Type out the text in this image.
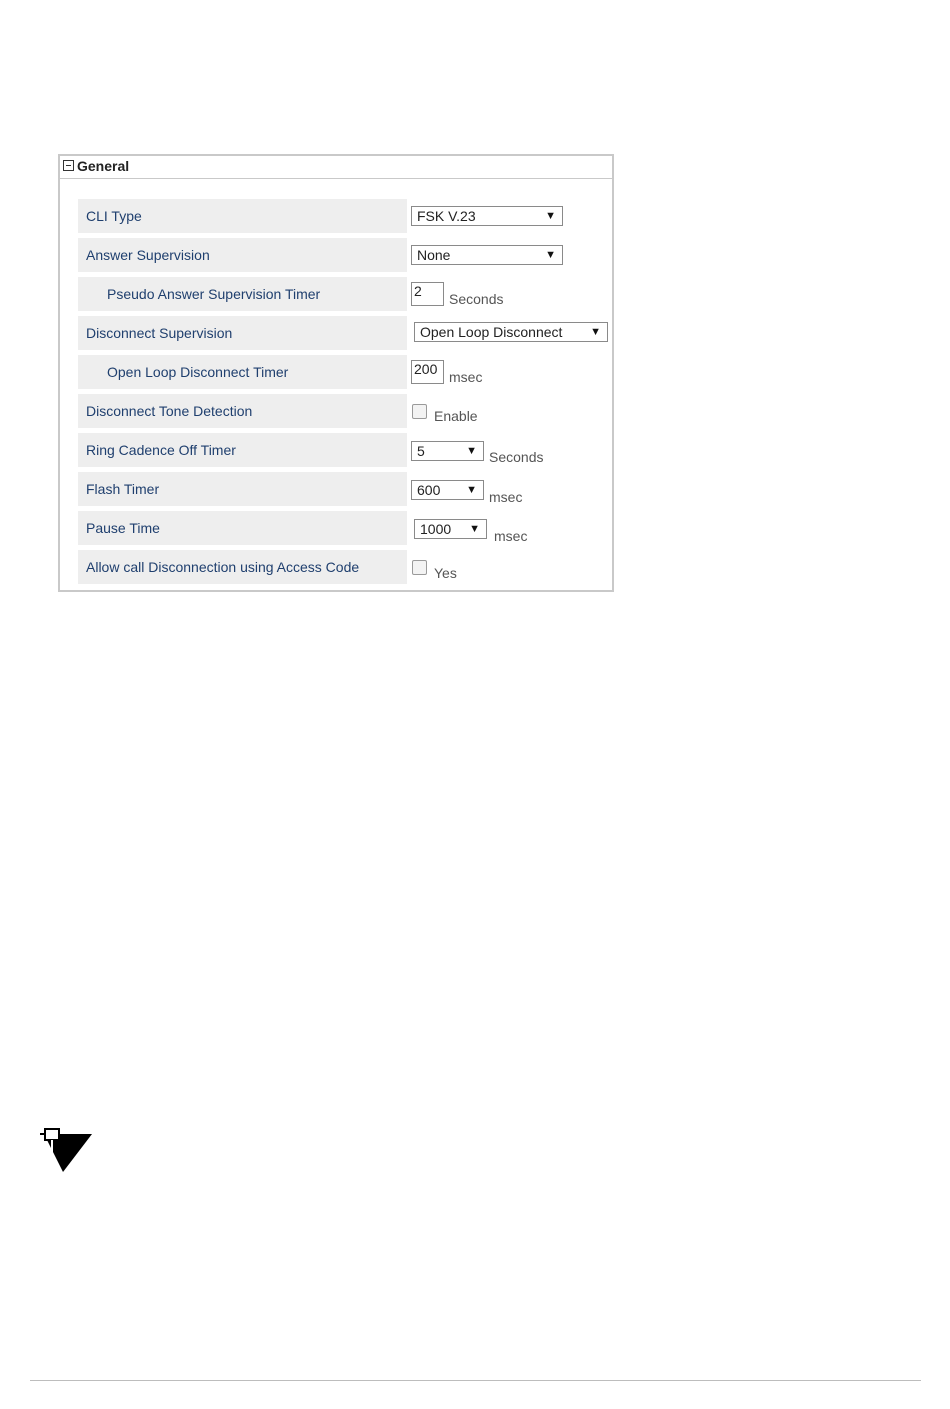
General
CLI Type	FSK V.23	▼
Answer Supervision	None	▼
Pseudo Answer Supervision Timer	2	Seconds
Disconnect Supervision	Open Loop Disconnect	▼
Open Loop Disconnect Timer	200 msec
Disconnect Tone Detection	Enable
Ring Cadence Off Timer	5	▼ Seconds
Flash Timer	600 ▼ msec
Pause Time	1000 ▼ msec
Allow call Disconnection using Access Code	Yes
